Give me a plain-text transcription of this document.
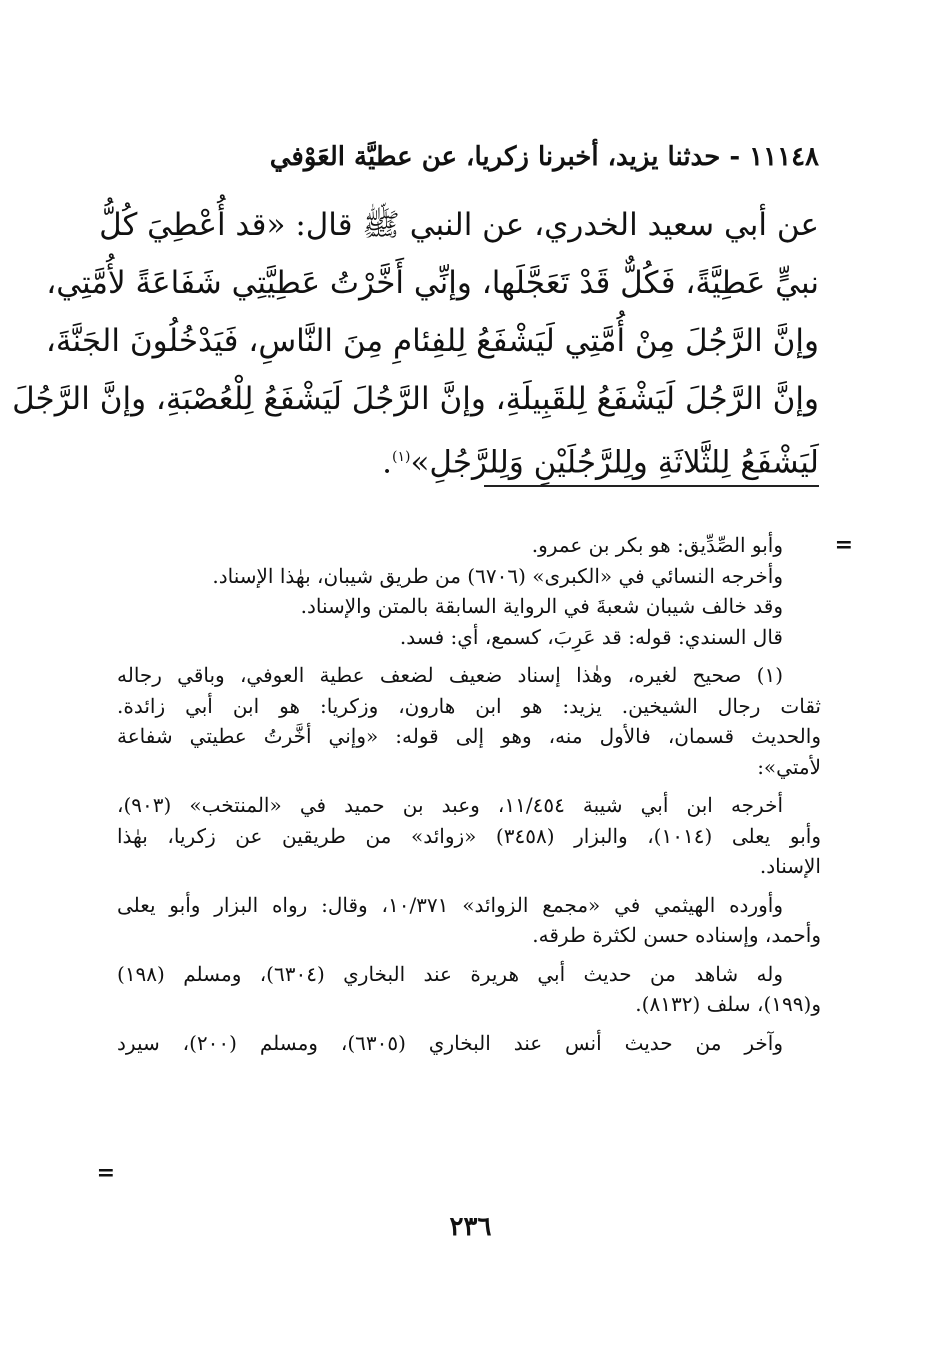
١١١٤٨ - حدثنا يزيد، أخبرنا زكريا، عن عطيَّة العَوْفي
عن أبي سعيد الخدري، عن النبي ﷺ قال: «قد أُعْطِيَ كُلُّ
نبيٍّ عَطِيَّةً، فَكُلٌّ قَدْ تَعَجَّلَها، وإنِّي أَخَّرْتُ عَطِيَّتِي شَفَاعَةً لأُمَّتِي،
وإنَّ الرَّجُلَ مِنْ أُمَّتِي لَيَشْفَعُ لِلفِئامِ مِنَ النَّاسِ، فَيَدْخُلُونَ الجَنَّةَ،
وإنَّ الرَّجُلَ لَيَشْفَعُ لِلقَبِيلَةِ، وإنَّ الرَّجُلَ لَيَشْفَعُ لِلْعُصْبَةِ، وإنَّ الرَّجُلَ
لَيَشْفَعُ لِلثَّلاثَةِ ولِلرَّجُلَيْنِ وَلِلرَّجُلِ»$^{(١)}$.
=
وأبو الصِّدِّيق: هو بكر بن عمرو.
وأخرجه النسائي في «الكبرى» (٦٧٠٦) من طريق شيبان، بهٰذا الإسناد.
وقد خالف شيبان شعبةَ في الرواية السابقة بالمتن والإسناد.
قال السندي: قوله: قد عَرِبَ، كسمع، أي: فسد.
(١) صحيح لغيره، وهٰذا إسناد ضعيف لضعف عطية العوفي، وباقي رجاله
ثقات رجال الشيخين. يزيد: هو ابن هارون، وزكريا: هو ابن أبي زائدة.
والحديث قسمان، فالأول منه، وهو إلى قوله: «وإني أخَّرتُ عطيتي شفاعة
لأمتي»:
أخرجه ابن أبي شيبة ١١/٤٥٤، وعبد بن حميد في «المنتخب» (٩٠٣)،
وأبو يعلى (١٠١٤)، والبزار (٣٤٥٨) «زوائد» من طريقين عن زكريا، بهٰذا
الإسناد.
وأورده الهيثمي في «مجمع الزوائد» ١٠/٣٧١، وقال: رواه البزار وأبو يعلى
وأحمد، وإسناده حسن لكثرة طرقه.
وله شاهد من حديث أبي هريرة عند البخاري (٦٣٠٤)، ومسلم (١٩٨)
و(١٩٩)، سلف (٨١٣٢).
وآخر من حديث أنس عند البخاري (٦٣٠٥)، ومسلم (٢٠٠)، سيرد
=
٢٣٦
